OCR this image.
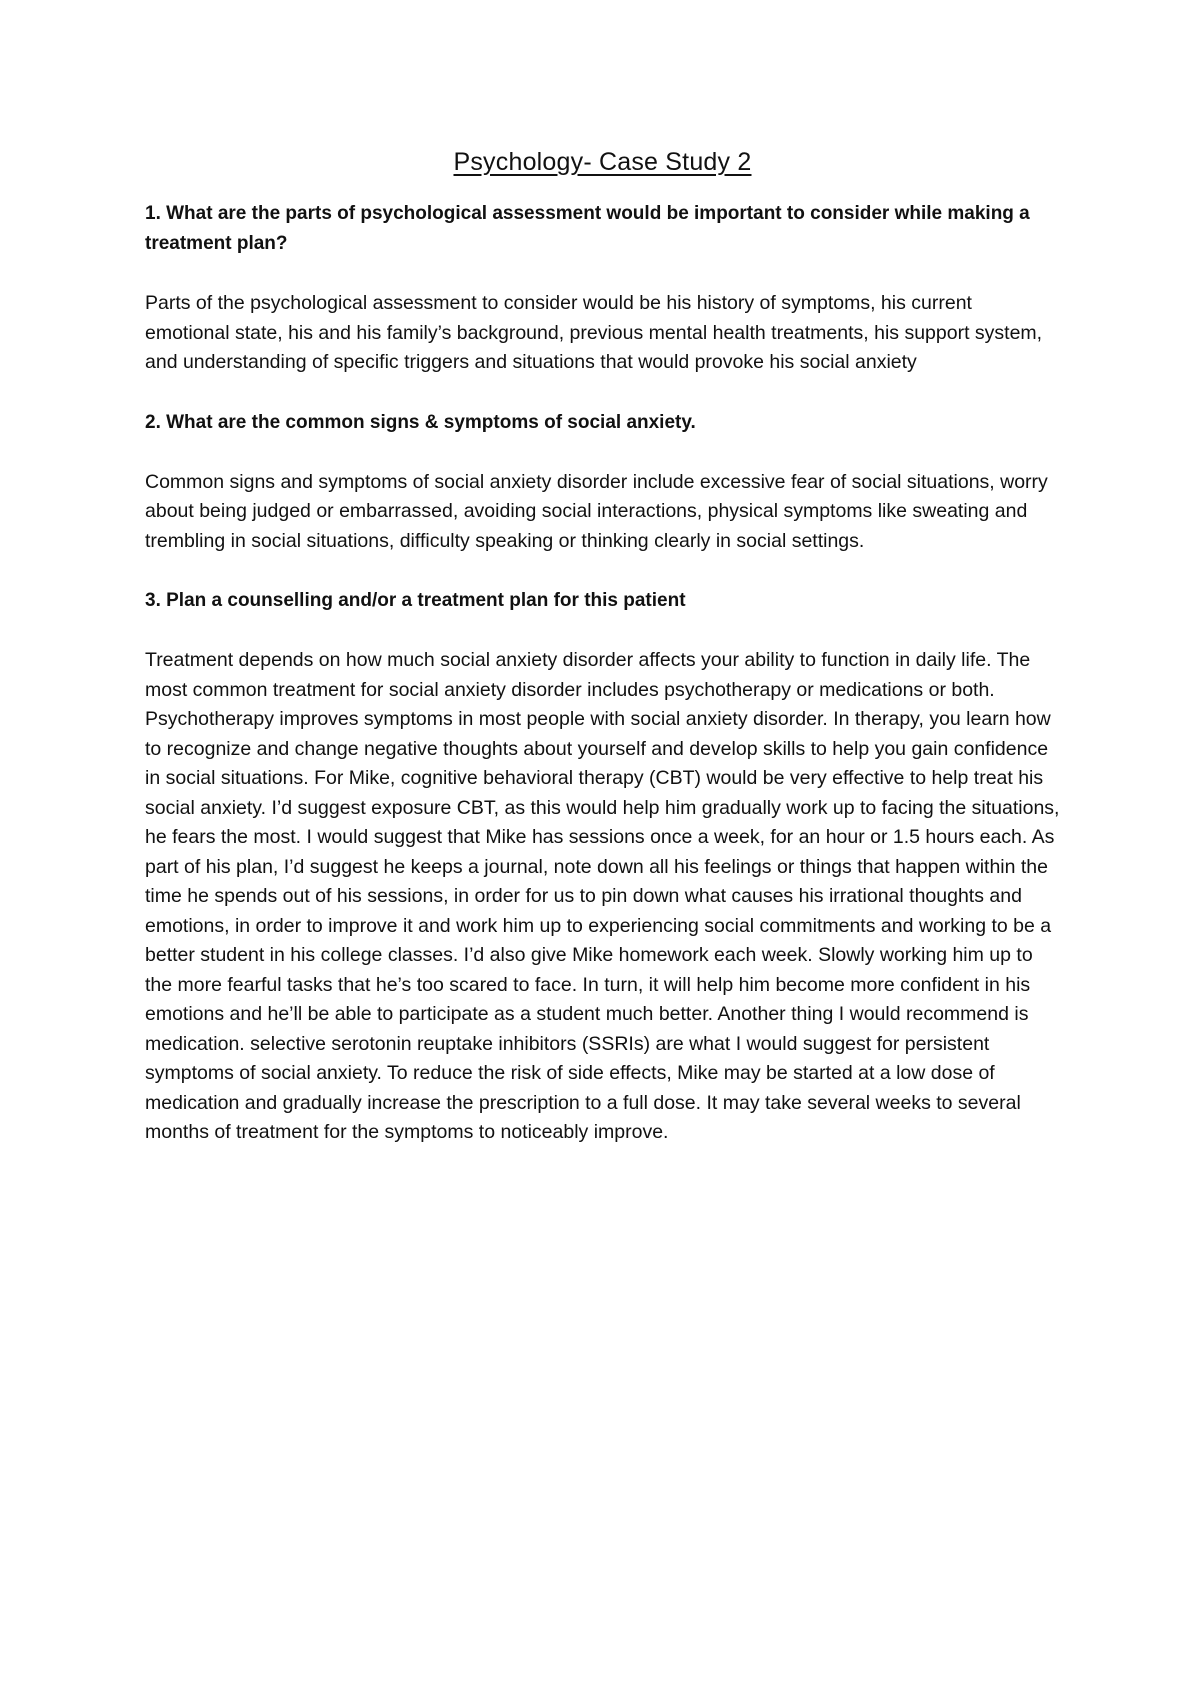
Psychology- Case Study 2

1. What are the parts of psychological assessment would be important to consider while making a treatment plan?

Parts of the psychological assessment to consider would be his history of symptoms, his current emotional state, his and his family’s background, previous mental health treatments, his support system, and understanding of specific triggers and situations that would provoke his social anxiety

2. What are the common signs & symptoms of social anxiety.

Common signs and symptoms of social anxiety disorder include excessive fear of social situations, worry about being judged or embarrassed, avoiding social interactions, physical symptoms like sweating and trembling in social situations, difficulty speaking or thinking clearly in social settings.

3. Plan a counselling and/or a treatment plan for this patient

Treatment depends on how much social anxiety disorder affects your ability to function in daily life. The most common treatment for social anxiety disorder includes psychotherapy or medications or both. Psychotherapy improves symptoms in most people with social anxiety disorder. In therapy, you learn how to recognize and change negative thoughts about yourself and develop skills to help you gain confidence in social situations. For Mike, cognitive behavioral therapy (CBT) would be very effective to help treat his social anxiety. I’d suggest exposure CBT, as this would help him gradually work up to facing the situations, he fears the most. I would suggest that Mike has sessions once a week, for an hour or 1.5 hours each. As part of his plan, I’d suggest he keeps a journal, note down all his feelings or things that happen within the time he spends out of his sessions, in order for us to pin down what causes his irrational thoughts and emotions, in order to improve it and work him up to experiencing social commitments and working to be a better student in his college classes. I’d also give Mike homework each week. Slowly working him up to the more fearful tasks that he’s too scared to face. In turn, it will help him become more confident in his emotions and he’ll be able to participate as a student much better. Another thing I would recommend is medication. selective serotonin reuptake inhibitors (SSRIs) are what I would suggest for persistent symptoms of social anxiety. To reduce the risk of side effects, Mike may be started at a low dose of medication and gradually increase the prescription to a full dose. It may take several weeks to several months of treatment for the symptoms to noticeably improve.
